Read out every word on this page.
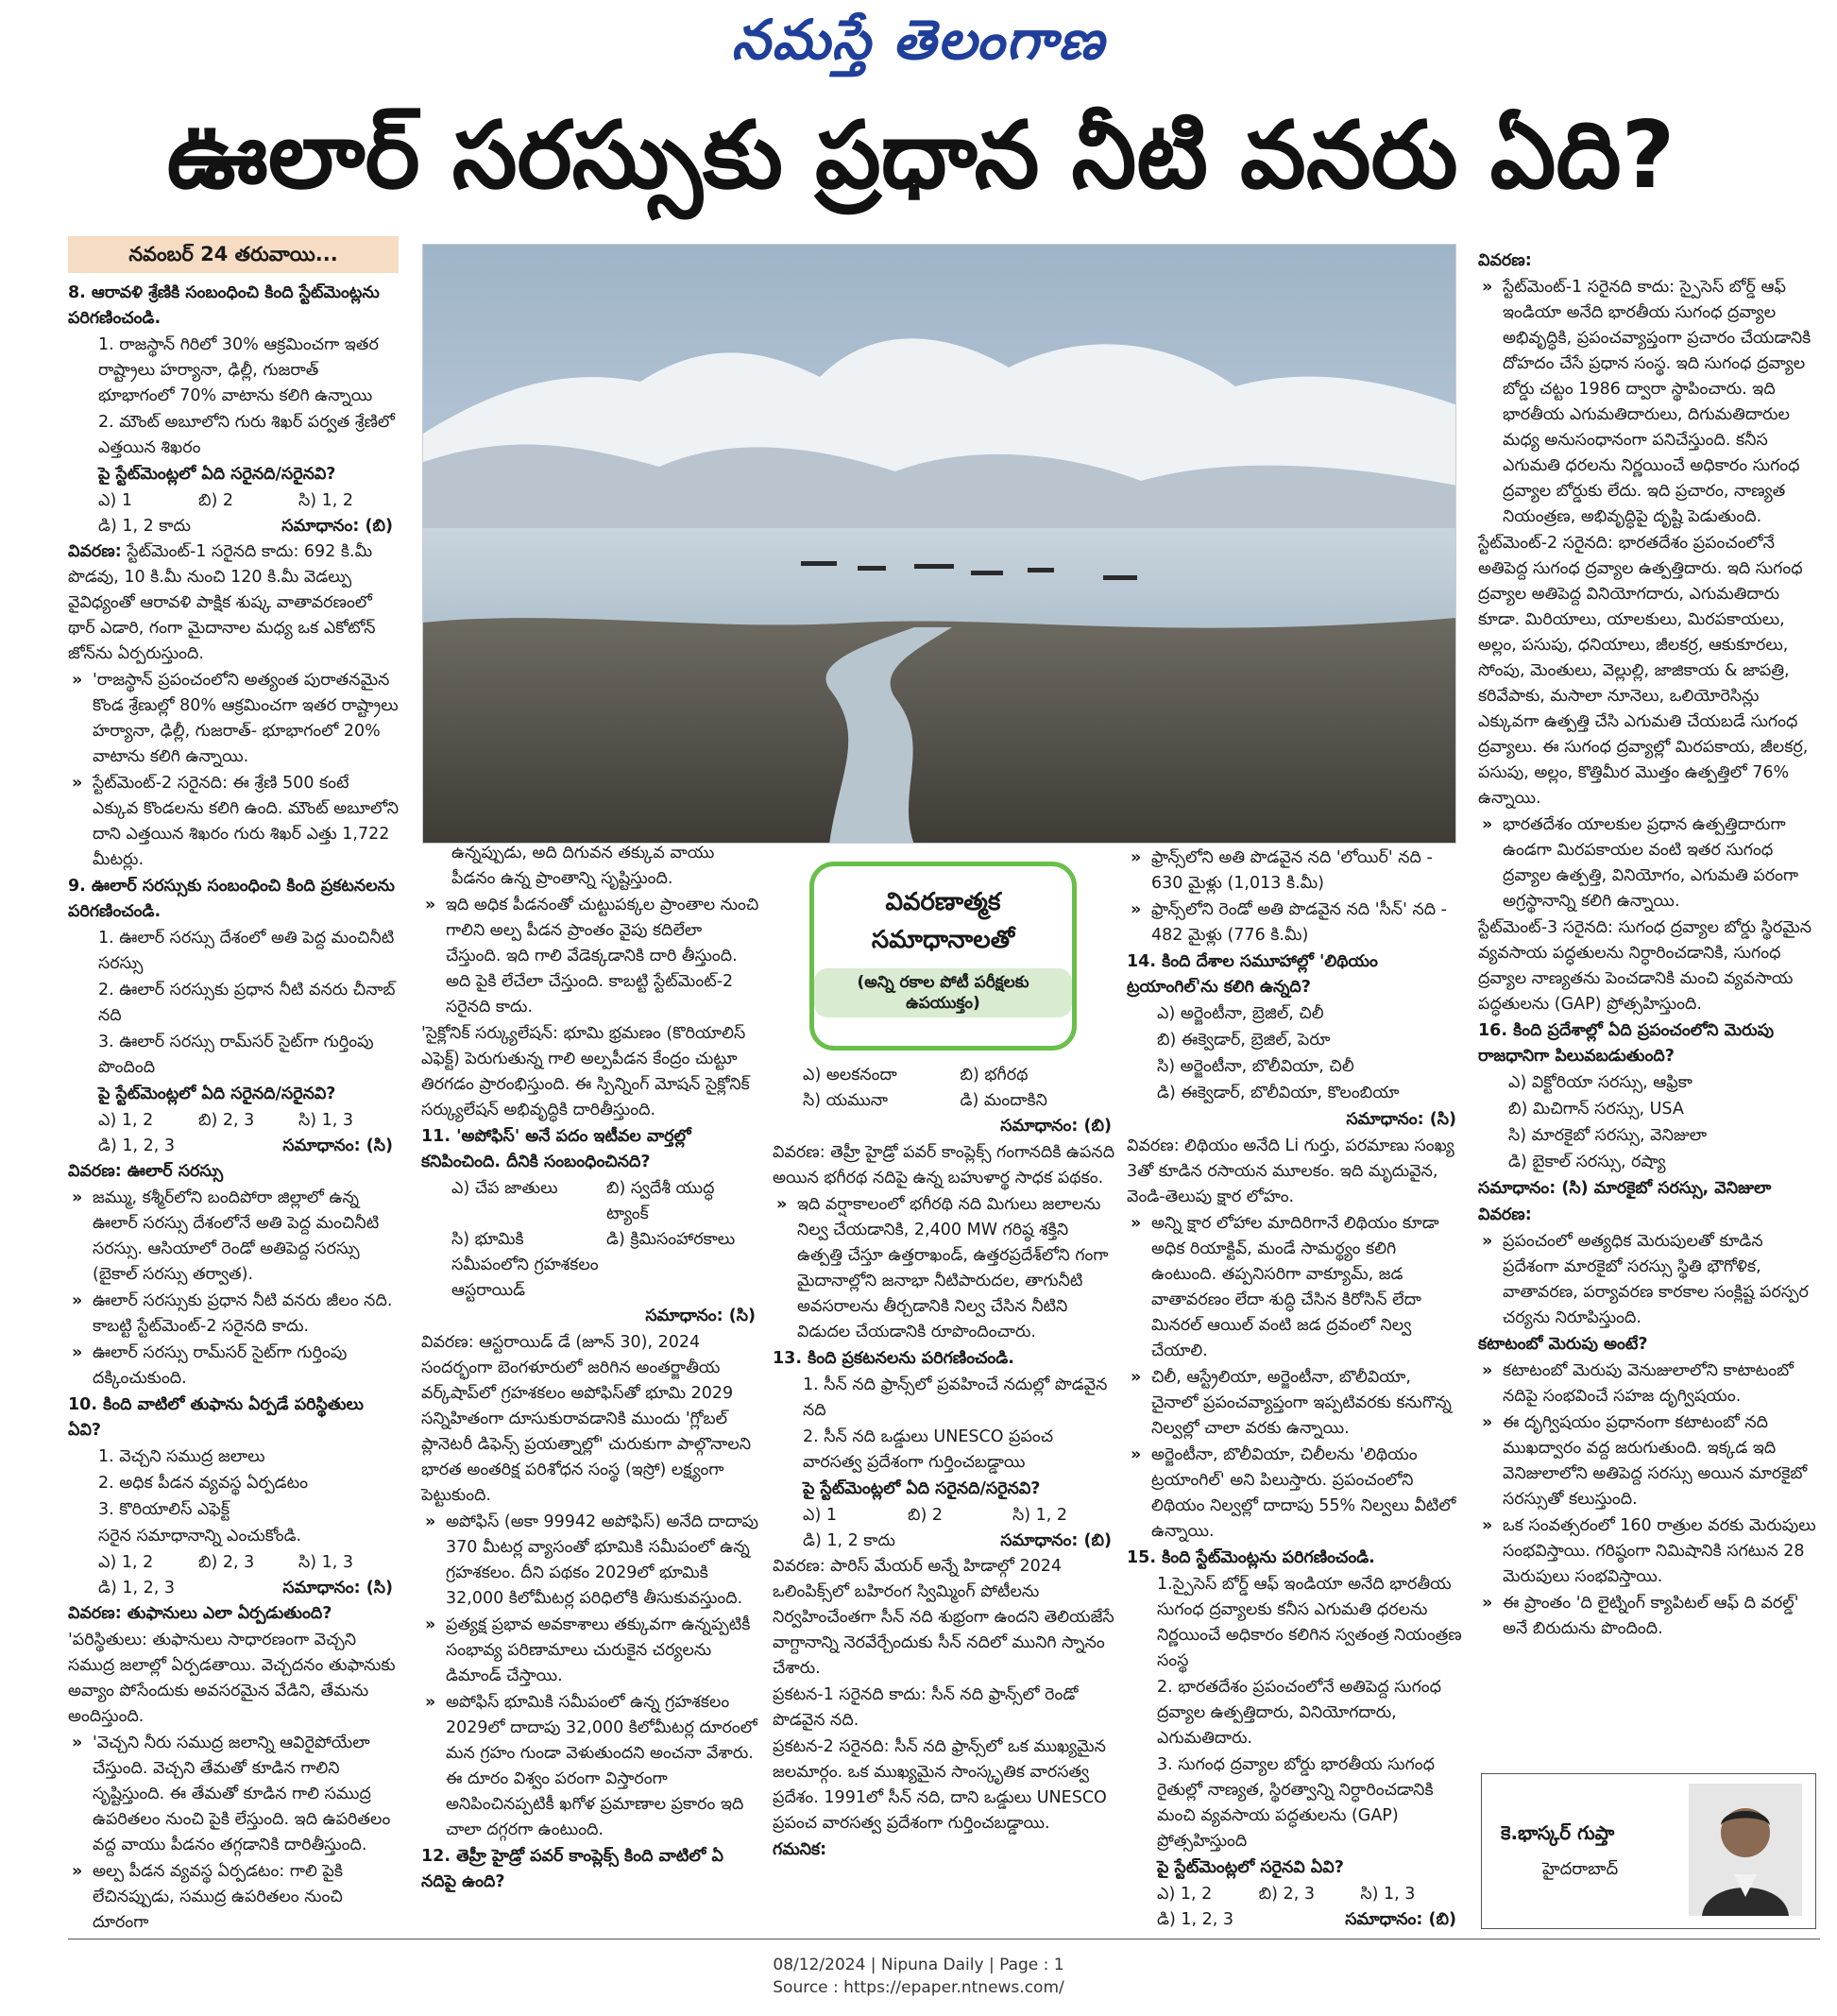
నమస్తే తెలంగాణ
ఊలార్ సరస్సుకు ప్రధాన నీటి వనరు ఏది?
నవంబర్ 24 తరువాయి...

8. ఆరావళి శ్రేణికి సంబంధించి కింది స్టేట్‌మెంట్లను పరిగణించండి.

1. రాజస్థాన్ గిరిలో 30% ఆక్రమించగా ఇతర రాష్ట్రాలు హర్యానా, ఢిల్లీ, గుజరాత్ భూభాగంలో 70% వాటాను కలిగి ఉన్నాయి

2. మౌంట్ అబూలోని గురు శిఖర్ పర్వత శ్రేణిలో ఎత్తయిన శిఖరం

పై స్టేట్‌మెంట్లలో ఏది సరైనది/సరైనవి?

ఎ) 1	బి) 2	సి) 1, 2
డి) 1, 2 కాదు	సమాధానం: (బి)

వివరణ: స్టేట్‌మెంట్-1 సరైనది కాదు: 692 కి.మీ పొడవు, 10 కి.మీ నుంచి 120 కి.మీ వెడల్పు వైవిధ్యంతో ఆరావళి పాక్షిక శుష్క వాతావరణంలో థార్ ఎడారి, గంగా మైదానాల మధ్య ఒక ఎకోటోన్ జోన్‌ను ఏర్పరుస్తుంది.

» 'రాజస్థాన్ ప్రపంచంలోని అత్యంత పురాతనమైన కొండ శ్రేణుల్లో 80% ఆక్రమించగా ఇతర రాష్ట్రాలు హర్యానా, ఢిల్లీ, గుజరాత్- భూభాగంలో 20% వాటాను కలిగి ఉన్నాయి.

» స్టేట్‌మెంట్-2 సరైనది: ఈ శ్రేణి 500 కంటే ఎక్కువ కొండలను కలిగి ఉంది. మౌంట్ అబూలోని దాని ఎత్తయిన శిఖరం గురు శిఖర్ ఎత్తు 1,722 మీటర్లు.

9. ఊలార్ సరస్సుకు సంబంధించి కింది ప్రకటనలను పరిగణించండి.

1. ఊలార్ సరస్సు దేశంలో అతి పెద్ద మంచినీటి సరస్సు

2. ఊలార్ సరస్సుకు ప్రధాన నీటి వనరు చీనాబ్ నది

3. ఊలార్ సరస్సు రామ్‌సర్ సైట్‌గా గుర్తింపు పొందింది

పై స్టేట్‌మెంట్లలో ఏది సరైనది/సరైనవి?

ఎ) 1, 2	బి) 2, 3	సి) 1, 3
డి) 1, 2, 3	సమాధానం: (సి)

వివరణ: ఊలార్ సరస్సు

» జమ్ము, కశ్మీర్‌లోని బందిపోరా జిల్లాలో ఉన్న ఊలార్ సరస్సు దేశంలోనే అతి పెద్ద మంచినీటి సరస్సు. ఆసియాలో రెండో అతిపెద్ద సరస్సు (బైకాల్ సరస్సు తర్వాత).

» ఊలార్ సరస్సుకు ప్రధాన నీటి వనరు జీలం నది. కాబట్టి స్టేట్‌మెంట్-2 సరైనది కాదు.

» ఊలార్ సరస్సు రామ్‌సర్ సైట్‌గా గుర్తింపు దక్కించుకుంది.

10. కింది వాటిలో తుఫాను ఏర్పడే పరిస్థితులు ఏవి?

1. వెచ్చని సముద్ర జలాలు

2. అధిక పీడన వ్యవస్థ ఏర్పడటం

3. కొరియాలిస్ ఎఫెక్ట్

సరైన సమాధానాన్ని ఎంచుకోండి.

ఎ) 1, 2	బి) 2, 3	సి) 1, 3
డి) 1, 2, 3	సమాధానం: (సి)

వివరణ: తుఫానులు ఎలా ఏర్పడుతుంది?

'పరిస్థితులు: తుఫానులు సాధారణంగా వెచ్చని సముద్ర జలాల్లో ఏర్పడతాయి. వెచ్చదనం తుఫానుకు అవ్యాం పోసేందుకు అవసరమైన వేడిని, తేమను అందిస్తుంది.

» 'వెచ్చని నీరు సముద్ర జలాన్ని ఆవిరైపోయేలా చేస్తుంది. వెచ్చని తేమతో కూడిన గాలిని సృష్టిస్తుంది. ఈ తేమతో కూడిన గాలి సముద్ర ఉపరితలం నుంచి పైకి లేస్తుంది. ఇది ఉపరితలం వద్ద వాయు పీడనం తగ్గడానికి దారితీస్తుంది.

» అల్ప పీడన వ్యవస్థ ఏర్పడటం: గాలి పైకి లేచినప్పుడు, సముద్ర ఉపరితలం నుంచి దూరంగా

వివరణాత్మక
సమాధానాలతో
(అన్ని రకాల పోటీ పరీక్షలకు ఉపయుక్తం)

ఉన్నప్పుడు, అది దిగువన తక్కువ వాయు పీడనం ఉన్న ప్రాంతాన్ని సృష్టిస్తుంది.

» ఇది అధిక పీడనంతో చుట్టుపక్కల ప్రాంతాల నుంచి గాలిని అల్ప పీడన ప్రాంతం వైపు కదిలేలా చేస్తుంది. ఇది గాలి వేడెక్కడానికి దారి తీస్తుంది. అది పైకి లేచేలా చేస్తుంది. కాబట్టి స్టేట్‌మెంట్-2 సరైనది కాదు.

'సైక్లోనిక్ సర్క్యులేషన్: భూమి భ్రమణం (కొరియాలిస్ ఎఫెక్ట్) పెరుగుతున్న గాలి అల్పపీడన కేంద్రం చుట్టూ తిరగడం ప్రారంభిస్తుంది. ఈ స్పిన్నింగ్ మోషన్ సైక్లోనిక్ సర్క్యులేషన్ అభివృద్ధికి దారితీస్తుంది.

11. 'అపోఫిస్' అనే పదం ఇటీవల వార్తల్లో కనిపించింది. దీనికి సంబంధించినది?

ఎ) చేప జాతులు	బి) స్వదేశీ యుద్ధ ట్యాంక్
సి) భూమికి సమీపంలోని గ్రహశకలం ఆస్టరాయిడ్
డి) క్రిమిసంహారకాలు

సమాధానం: (సి)

వివరణ: ఆస్టరాయిడ్ డే (జూన్ 30), 2024 సందర్భంగా బెంగళూరులో జరిగిన అంతర్జాతీయ వర్క్‌షాప్‌లో గ్రహశకలం అపోఫిస్‌తో భూమి 2029 సన్నిహితంగా దూసుకురావడానికి ముందు 'గ్లోబల్ ప్లానెటరీ డిఫెన్స్ ప్రయత్నాల్లో' చురుకుగా పాల్గొనాలని భారత అంతరిక్ష పరిశోధన సంస్థ (ఇస్రో) లక్ష్యంగా పెట్టుకుంది.

» అపోఫిస్ (అకా 99942 అపోఫిస్) అనేది దాదాపు 370 మీటర్ల వ్యాసంతో భూమికి సమీపంలో ఉన్న గ్రహశకలం. దీని పథకం 2029లో భూమికి 32,000 కిలోమీటర్ల పరిధిలోకి తీసుకువస్తుంది.

» ప్రత్యక్ష ప్రభావ అవకాశాలు తక్కువగా ఉన్నప్పటికీ సంభావ్య పరిణామాలు చురుకైన చర్యలను డిమాండ్ చేస్తాయి.

» అపోఫిస్ భూమికి సమీపంలో ఉన్న గ్రహశకలం 2029లో దాదాపు 32,000 కిలోమీటర్ల దూరంలో మన గ్రహం గుండా వెళుతుందని అంచనా వేశారు. ఈ దూరం విశ్వం పరంగా విస్తారంగా అనిపించినప్పటికీ ఖగోళ ప్రమాణాల ప్రకారం ఇది చాలా దగ్గరగా ఉంటుంది.

12. తెహ్రీ హైడ్రో పవర్ కాంప్లెక్స్ కింది వాటిలో ఏ నదిపై ఉంది?

ఎ) అలకనందా	బి) భగీరథ
సి) యమునా	డి) మందాకిని

సమాధానం: (బి)

వివరణ: తెహ్రీ హైడ్రో పవర్ కాంప్లెక్స్ గంగానదికి ఉపనది అయిన భగీరథ నదిపై ఉన్న బహుళార్థ సాధక పథకం.

» ఇది వర్షాకాలంలో భగీరథి నది మిగులు జలాలను నిల్వ చేయడానికి, 2,400 MW గరిష్ఠ శక్తిని ఉత్పత్తి చేస్తూ ఉత్తరాఖండ్, ఉత్తరప్రదేశ్‌లోని గంగా మైదానాల్లోని జనాభా నీటిపారుదల, తాగునీటి అవసరాలను తీర్చడానికి నిల్వ చేసిన నీటిని విడుదల చేయడానికి రూపొందించారు.

13. కింది ప్రకటనలను పరిగణించండి.

1. సీన్ నది ఫ్రాన్స్‌లో ప్రవహించే నదుల్లో పొడవైన నది

2. సీన్ నది ఒడ్డులు UNESCO ప్రపంచ వారసత్వ ప్రదేశంగా గుర్తించబడ్డాయి

పై స్టేట్‌మెంట్లలో ఏది సరైనది/సరైనవి?

ఎ) 1	బి) 2	సి) 1, 2
డి) 1, 2 కాదు	సమాధానం: (బి)

వివరణ: పారిస్ మేయర్ అన్నే హిడాల్గో 2024 ఒలింపిక్స్‌లో బహిరంగ స్విమ్మింగ్ పోటీలను నిర్వహించేంతగా సీన్ నది శుభ్రంగా ఉందని తెలియజేసే వాగ్దానాన్ని నెరవేర్చేందుకు సీన్ నదిలో మునిగి స్నానం చేశారు.

ప్రకటన-1 సరైనది కాదు: సీన్ నది ఫ్రాన్స్‌లో రెండో పొడవైన నది.

ప్రకటన-2 సరైనది: సీన్ నది ఫ్రాన్స్‌లో ఒక ముఖ్యమైన జలమార్గం. ఒక ముఖ్యమైన సాంస్కృతిక వారసత్వ ప్రదేశం. 1991లో సీన్ నది, దాని ఒడ్డులు UNESCO ప్రపంచ వారసత్వ ప్రదేశంగా గుర్తించబడ్డాయి.

గమనిక:

» ఫ్రాన్స్‌లోని అతి పొడవైన నది 'లోయిర్' నది - 630 మైళ్లు (1,013 కి.మీ)

» ఫ్రాన్స్‌లోని రెండో అతి పొడవైన నది 'సీన్' నది - 482 మైళ్లు (776 కి.మీ)

14. కింది దేశాల సమూహాల్లో 'లిథియం ట్రయాంగిల్'ను కలిగి ఉన్నది?

ఎ) అర్జెంటీనా, బ్రెజిల్, చిలీ

బి) ఈక్వెడార్, బ్రెజిల్, పెరూ

సి) అర్జెంటీనా, బొలీవియా, చిలీ

డి) ఈక్వెడార్, బొలీవియా, కొలంబియా

సమాధానం: (సి)

వివరణ: లిథియం అనేది Li గుర్తు, పరమాణు సంఖ్య 3తో కూడిన రసాయన మూలకం. ఇది మృదువైన, వెండి-తెలుపు క్షార లోహం.

» అన్ని క్షార లోహాల మాదిరిగానే లిథియం కూడా అధిక రియాక్టివ్, మండే సామర్థ్యం కలిగి ఉంటుంది. తప్పనిసరిగా వాక్యూమ్, జడ వాతావరణం లేదా శుద్ధి చేసిన కిరోసిన్ లేదా మినరల్ ఆయిల్ వంటి జడ ద్రవంలో నిల్వ చేయాలి.

» చిలీ, ఆస్ట్రేలియా, అర్జెంటీనా, బొలీవియా, చైనాలో ప్రపంచవ్యాప్తంగా ఇప్పటివరకు కనుగొన్న నిల్వల్లో చాలా వరకు ఉన్నాయి.

» అర్జెంటీనా, బొలీవియా, చిలీలను 'లిథియం ట్రయాంగిల్' అని పిలుస్తారు. ప్రపంచంలోని లిథియం నిల్వల్లో దాదాపు 55% నిల్వలు వీటిలో ఉన్నాయి.

15. కింది స్టేట్‌మెంట్లను పరిగణించండి.

1.స్పైసెస్ బోర్డ్ ఆఫ్ ఇండియా అనేది భారతీయ సుగంధ ద్రవ్యాలకు కనీస ఎగుమతి ధరలను నిర్ణయించే అధికారం కలిగిన స్వతంత్ర నియంత్రణ సంస్థ

2. భారతదేశం ప్రపంచంలోనే అతిపెద్ద సుగంధ ద్రవ్యాల ఉత్పత్తిదారు, వినియోగదారు, ఎగుమతిదారు.

3. సుగంధ ద్రవ్యాల బోర్డు భారతీయ సుగంధ రైతుల్లో నాణ్యత, స్థిరత్వాన్ని నిర్ధారించడానికి మంచి వ్యవసాయ పద్ధతులను (GAP) ప్రోత్సహిస్తుంది

పై స్టేట్‌మెంట్లలో సరైనవి ఏవి?

ఎ) 1, 2	బి) 2, 3	సి) 1, 3
డి) 1, 2, 3	సమాధానం: (బి)

వివరణ:

» స్టేట్‌మెంట్-1 సరైనది కాదు: స్పైసెస్ బోర్డ్ ఆఫ్ ఇండియా అనేది భారతీయ సుగంధ ద్రవ్యాల అభివృద్ధికి, ప్రపంచవ్యాప్తంగా ప్రచారం చేయడానికి దోహదం చేసే ప్రధాన సంస్థ. ఇది సుగంధ ద్రవ్యాల బోర్డు చట్టం 1986 ద్వారా స్థాపించారు. ఇది భారతీయ ఎగుమతిదారులు, దిగుమతిదారుల మధ్య అనుసంధానంగా పనిచేస్తుంది. కనీస ఎగుమతి ధరలను నిర్ణయించే అధికారం సుగంధ ద్రవ్యాల బోర్డుకు లేదు. ఇది ప్రచారం, నాణ్యత నియంత్రణ, అభివృద్ధిపై దృష్టి పెడుతుంది.

స్టేట్‌మెంట్-2 సరైనది: భారతదేశం ప్రపంచంలోనే అతిపెద్ద సుగంధ ద్రవ్యాల ఉత్పత్తిదారు. ఇది సుగంధ ద్రవ్యాల అతిపెద్ద వినియోగదారు, ఎగుమతిదారు కూడా. మిరియాలు, యాలకులు, మిరపకాయలు, అల్లం, పసుపు, ధనియాలు, జీలకర్ర, ఆకుకూరలు, సోంపు, మెంతులు, వెల్లుల్లి, జాజికాయ & జాపత్రి, కరివేపాకు, మసాలా నూనెలు, ఒలియోరెసిన్లు ఎక్కువగా ఉత్పత్తి చేసి ఎగుమతి చేయబడే సుగంధ ద్రవ్యాలు. ఈ సుగంధ ద్రవ్యాల్లో మిరపకాయ, జీలకర్ర, పసుపు, అల్లం, కొత్తిమీర మొత్తం ఉత్పత్తిలో 76% ఉన్నాయి.

» భారతదేశం యాలకుల ప్రధాన ఉత్పత్తిదారుగా ఉండగా మిరపకాయల వంటి ఇతర సుగంధ ద్రవ్యాల ఉత్పత్తి, వినియోగం, ఎగుమతి పరంగా అగ్రస్థానాన్ని కలిగి ఉన్నాయి.

స్టేట్‌మెంట్-3 సరైనది: సుగంధ ద్రవ్యాల బోర్డు స్థిరమైన వ్యవసాయ పద్ధతులను నిర్ధారించడానికి, సుగంధ ద్రవ్యాల నాణ్యతను పెంచడానికి మంచి వ్యవసాయ పద్ధతులను (GAP) ప్రోత్సహిస్తుంది.

16. కింది ప్రదేశాల్లో ఏది ప్రపంచంలోని మెరుపు రాజధానిగా పిలువబడుతుంది?

ఎ) విక్టోరియా సరస్సు, ఆఫ్రికా

బి) మిచిగాన్ సరస్సు, USA

సి) మారకైబో సరస్సు, వెనిజులా

డి) బైకాల్ సరస్సు, రష్యా

సమాధానం: (సి) మారకైబో సరస్సు, వెనిజులా

వివరణ:

» ప్రపంచంలో అత్యధిక మెరుపులతో కూడిన ప్రదేశంగా మారకైబో సరస్సు స్థితి భౌగోళిక, వాతావరణ, పర్యావరణ కారకాల సంక్లిష్ట పరస్పర చర్యను నిరూపిస్తుంది.

కటాటంబో మెరుపు అంటే?

» కటాటంబో మెరుపు వెనుజులాలోని కాటాటంబో నదిపై సంభవించే సహజ దృగ్విషయం.

» ఈ దృగ్విషయం ప్రధానంగా కటాటంబో నది ముఖద్వారం వద్ద జరుగుతుంది. ఇక్కడ ఇది వెనిజులాలోని అతిపెద్ద సరస్సు అయిన మారకైబో సరస్సుతో కలుస్తుంది.

» ఒక సంవత్సరంలో 160 రాత్రుల వరకు మెరుపులు సంభవిస్తాయి. గరిష్ఠంగా నిమిషానికి సగటున 28 మెరుపులు సంభవిస్తాయి.

» ఈ ప్రాంతం 'ది లైట్నింగ్ క్యాపిటల్ ఆఫ్ ది వరల్డ్' అనే బిరుదును పొందింది.

కె.భాస్కర్ గుప్తా
హైదరాబాద్
08/12/2024 | Nipuna Daily | Page : 1
Source : https://epaper.ntnews.com/
